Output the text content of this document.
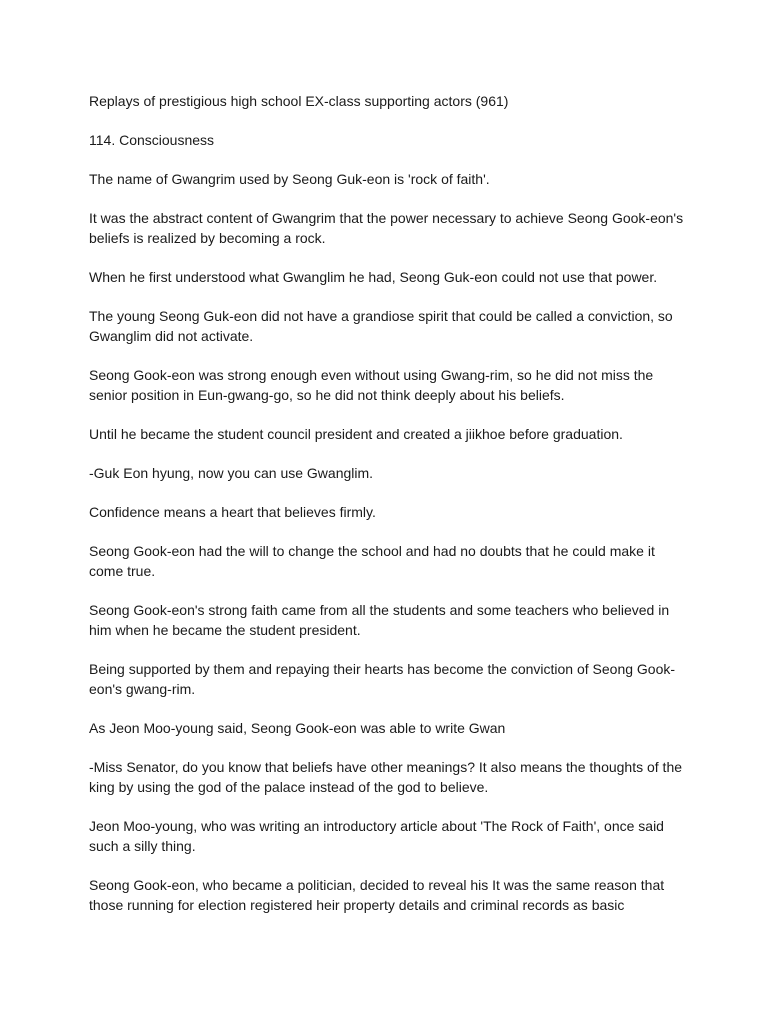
Replays of prestigious high school EX-class supporting actors (961)

114. Consciousness

The name of Gwangrim used by Seong Guk-eon is 'rock of faith'.

It was the abstract content of Gwangrim that the power necessary to achieve Seong Gook-eon's beliefs is realized by becoming a rock.

When he first understood what Gwanglim he had, Seong Guk-eon could not use that power.

The young Seong Guk-eon did not have a grandiose spirit that could be called a conviction, so Gwanglim did not activate.

Seong Gook-eon was strong enough even without using Gwang-rim, so he did not miss the senior position in Eun-gwang-go, so he did not think deeply about his beliefs.

Until he became the student council president and created a jiikhoe before graduation.

-Guk Eon hyung, now you can use Gwanglim.

Confidence means a heart that believes firmly.

Seong Gook-eon had the will to change the school and had no doubts that he could make it come true.

Seong Gook-eon's strong faith came from all the students and some teachers who believed in him when he became the student president.

Being supported by them and repaying their hearts has become the conviction of Seong Gook-eon's gwang-rim.

As Jeon Moo-young said, Seong Gook-eon was able to write Gwan

-Miss Senator, do you know that beliefs have other meanings? It also means the thoughts of the king by using the god of the palace instead of the god to believe.

Jeon Moo-young, who was writing an introductory article about 'The Rock of Faith', once said such a silly thing.

Seong Gook-eon, who became a politician, decided to reveal his It was the same reason that those running for election registered heir property details and criminal records as basic
